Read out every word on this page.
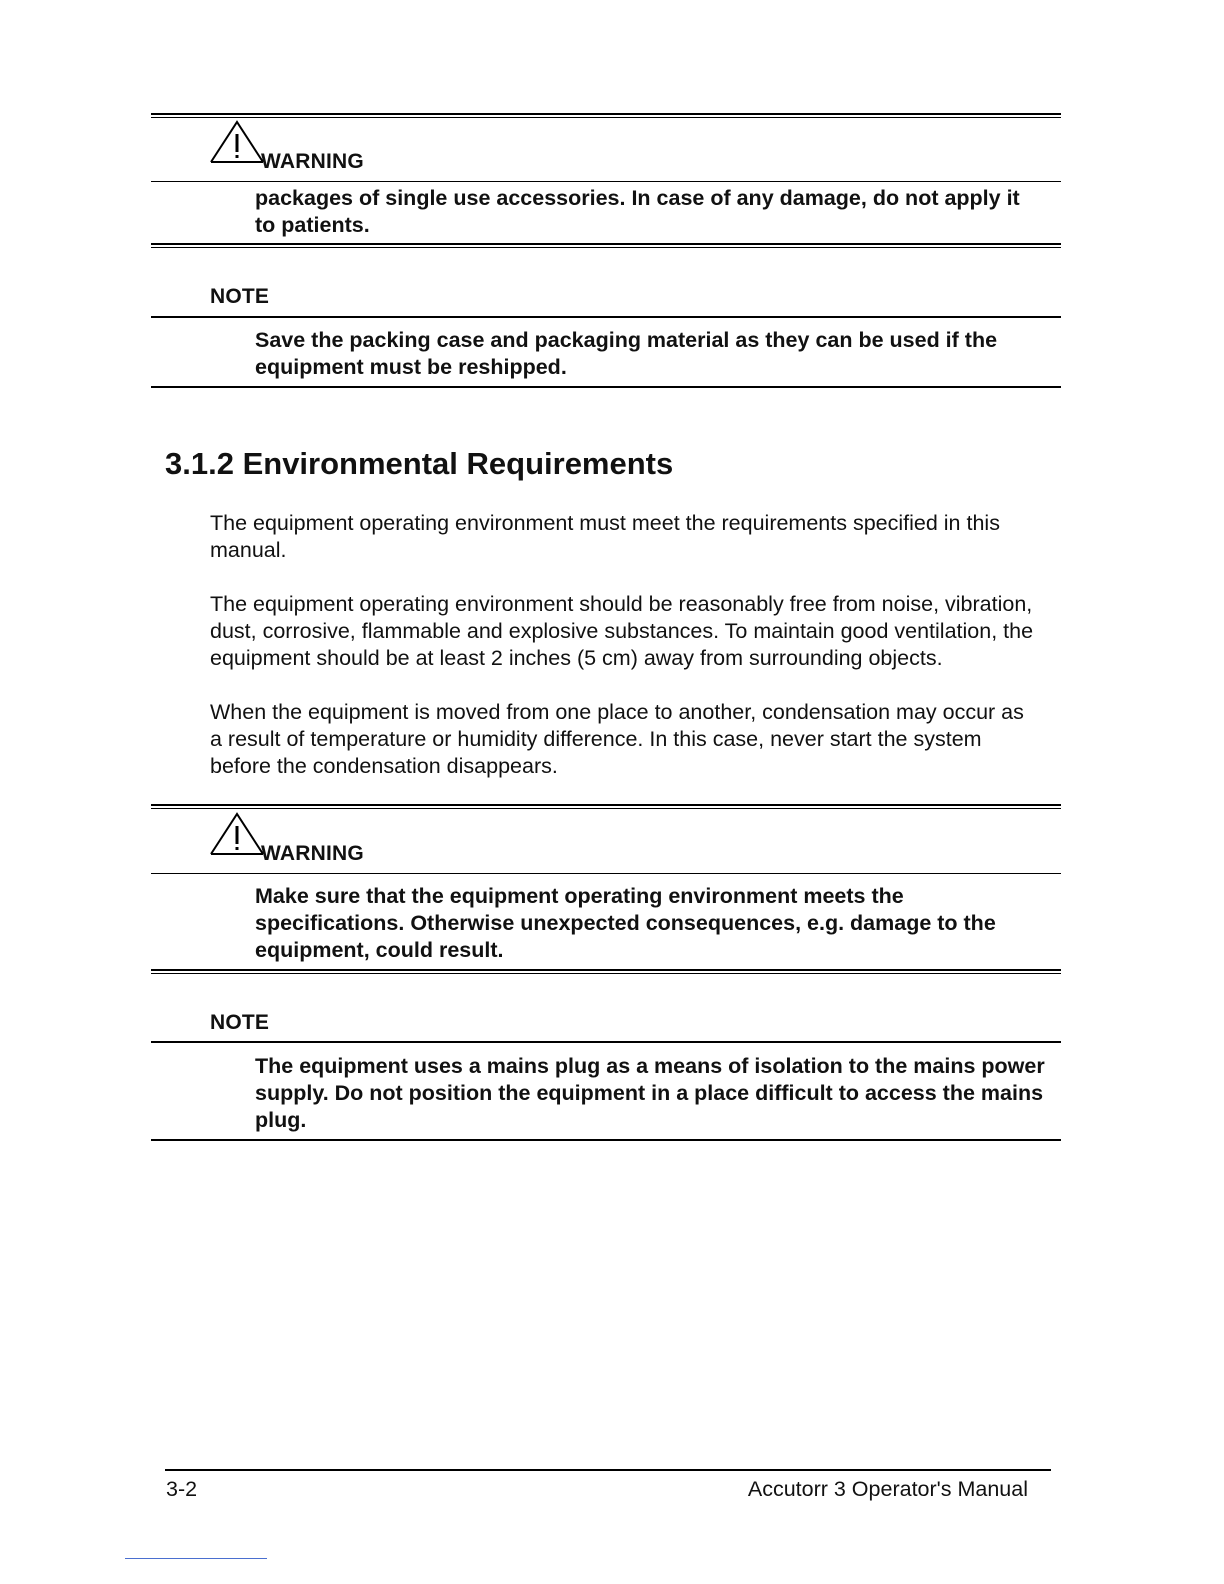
WARNING
packages of single use accessories. In case of any damage, do not apply it to patients.
NOTE
Save the packing case and packaging material as they can be used if the equipment must be reshipped.
3.1.2 Environmental Requirements
The equipment operating environment must meet the requirements specified in this manual.
The equipment operating environment should be reasonably free from noise, vibration, dust, corrosive, flammable and explosive substances. To maintain good ventilation, the equipment should be at least 2 inches (5 cm) away from surrounding objects.
When the equipment is moved from one place to another, condensation may occur as a result of temperature or humidity difference. In this case, never start the system before the condensation disappears.
WARNING
Make sure that the equipment operating environment meets the specifications. Otherwise unexpected consequences, e.g. damage to the equipment, could result.
NOTE
The equipment uses a mains plug as a means of isolation to the mains power supply. Do not position the equipment in a place difficult to access the mains plug.
3-2	Accutorr 3 Operator's Manual
